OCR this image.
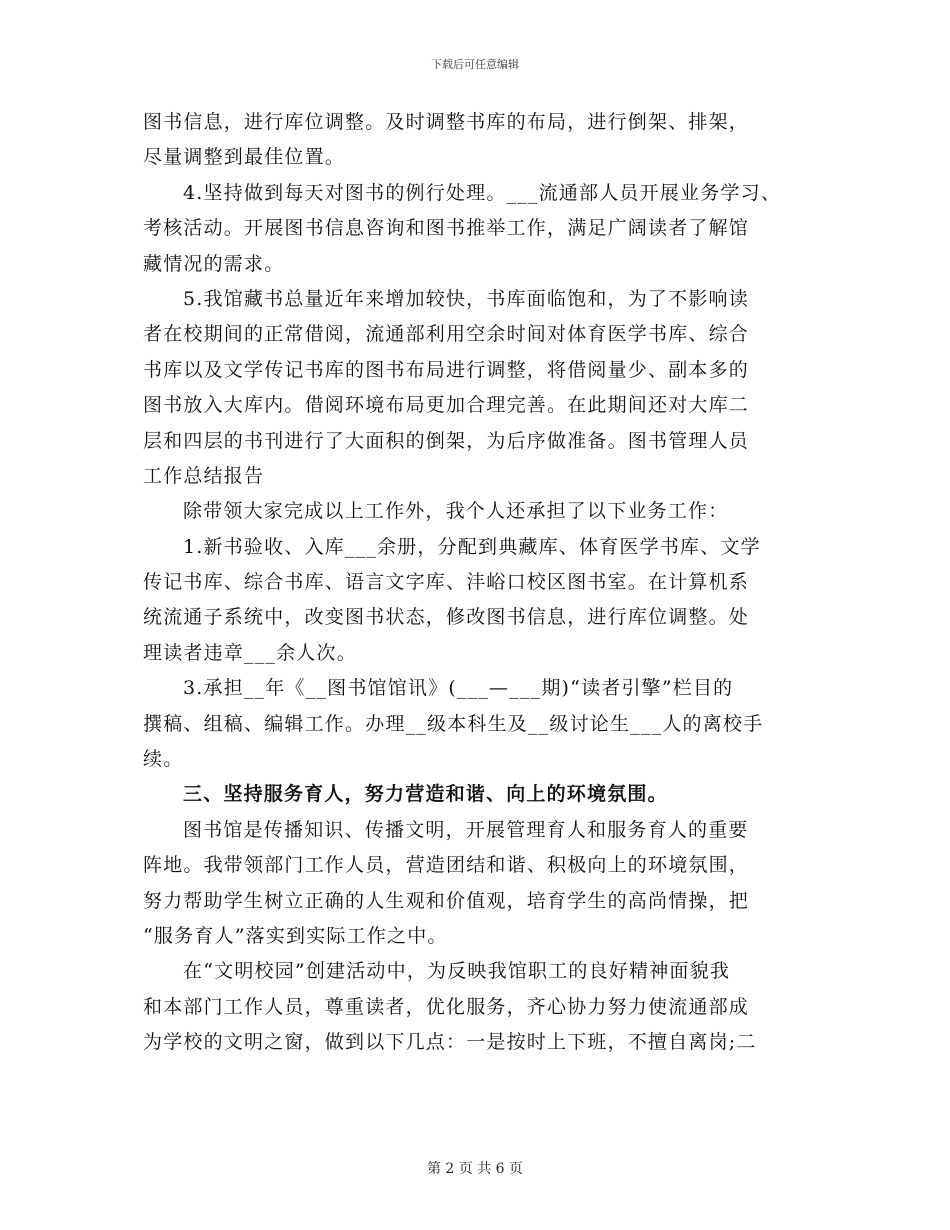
下载后可任意编辑
图书信息，进行库位调整。及时调整书库的布局，进行倒架、排架，
尽量调整到最佳位置。
4.坚持做到每天对图书的例行处理。___流通部人员开展业务学习、
考核活动。开展图书信息咨询和图书推举工作，满足广阔读者了解馆
藏情况的需求。
5.我馆藏书总量近年来增加较快，书库面临饱和，为了不影响读
者在校期间的正常借阅，流通部利用空余时间对体育医学书库、综合
书库以及文学传记书库的图书布局进行调整，将借阅量少、副本多的
图书放入大库内。借阅环境布局更加合理完善。在此期间还对大库二
层和四层的书刊进行了大面积的倒架，为后序做准备。图书管理人员
工作总结报告
除带领大家完成以上工作外，我个人还承担了以下业务工作：
1.新书验收、入库___余册，分配到典藏库、体育医学书库、文学
传记书库、综合书库、语言文字库、沣峪口校区图书室。在计算机系
统流通子系统中，改变图书状态，修改图书信息，进行库位调整。处
理读者违章___余人次。
3.承担__年《__图书馆馆讯》(___—___期)“读者引擎”栏目的
撰稿、组稿、编辑工作。办理__级本科生及__级讨论生___人的离校手
续。
三、坚持服务育人，努力营造和谐、向上的环境氛围。
图书馆是传播知识、传播文明，开展管理育人和服务育人的重要
阵地。我带领部门工作人员，营造团结和谐、积极向上的环境氛围，
努力帮助学生树立正确的人生观和价值观，培育学生的高尚情操，把
“服务育人”落实到实际工作之中。
在“文明校园”创建活动中，为反映我馆职工的良好精神面貌我
和本部门工作人员，尊重读者，优化服务，齐心协力努力使流通部成
为学校的文明之窗，做到以下几点：一是按时上下班，不擅自离岗;二
第 2 页 共 6 页
